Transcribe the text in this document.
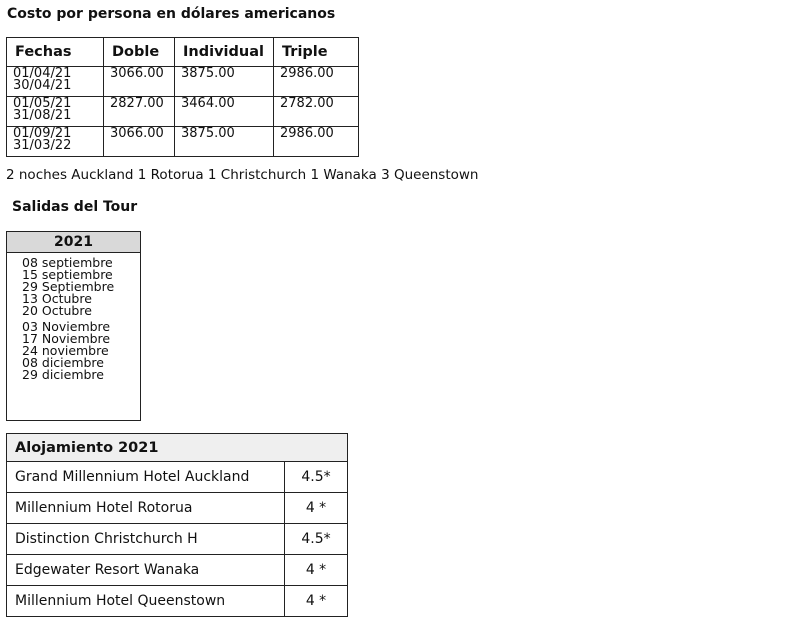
Costo por persona en dólares americanos
Fechas	Doble	Individual	Triple

01/04/21
30/04/21	3066.00	3875.00	2986.00

01/05/21
31/08/21	2827.00	3464.00	2782.00

01/09/21
31/03/22	3066.00	3875.00	2986.00
2 noches Auckland 1 Rotorua 1 Christchurch 1 Wanaka 3 Queenstown
Salidas del Tour
2021

08 septiembre
15 septiembre
29 Septiembre
13 Octubre
20 Octubre
03 Noviembre
17 Noviembre
24 noviembre
08 diciembre
29 diciembre
Alojamiento 2021	
Grand Millennium Hotel Auckland	4.5*
Millennium Hotel Rotorua	4 *
Distinction Christchurch H	4.5*
Edgewater Resort Wanaka	4 *
Millennium Hotel Queenstown	4 *
